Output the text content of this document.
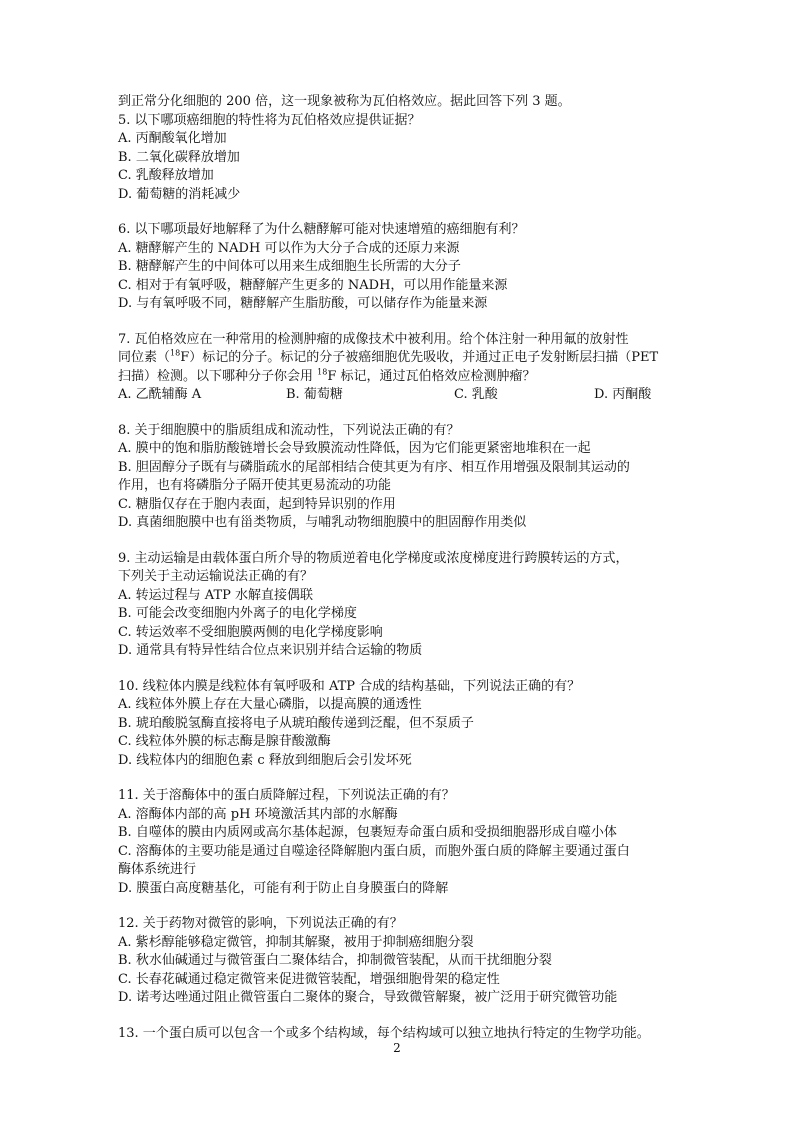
到正常分化细胞的 200 倍，这一现象被称为瓦伯格效应。据此回答下列 3 题。

5. 以下哪项癌细胞的特性将为瓦伯格效应提供证据？

A. 丙酮酸氧化增加

B. 二氧化碳释放增加

C. 乳酸释放增加

D. 葡萄糖的消耗减少

6. 以下哪项最好地解释了为什么糖酵解可能对快速增殖的癌细胞有利？

A. 糖酵解产生的 NADH 可以作为大分子合成的还原力来源

B. 糖酵解产生的中间体可以用来生成细胞生长所需的大分子

C. 相对于有氧呼吸，糖酵解产生更多的 NADH，可以用作能量来源

D. 与有氧呼吸不同，糖酵解产生脂肪酸，可以储存作为能量来源

7. 瓦伯格效应在一种常用的检测肿瘤的成像技术中被利用。给个体注射一种用氟的放射性

同位素（$^{18}$F）标记的分子。标记的分子被癌细胞优先吸收，并通过正电子发射断层扫描（PET

扫描）检测。以下哪种分子你会用 $^{18}$F 标记，通过瓦伯格效应检测肿瘤？

A. 乙酰辅酶 A	B. 葡萄糖	C. 乳酸	D. 丙酮酸

8. 关于细胞膜中的脂质组成和流动性，下列说法正确的有？

A. 膜中的饱和脂肪酸链增长会导致膜流动性降低，因为它们能更紧密地堆积在一起

B. 胆固醇分子既有与磷脂疏水的尾部相结合使其更为有序、相互作用增强及限制其运动的

作用，也有将磷脂分子隔开使其更易流动的功能

C. 糖脂仅存在于胞内表面，起到特异识别的作用

D. 真菌细胞膜中也有甾类物质，与哺乳动物细胞膜中的胆固醇作用类似

9. 主动运输是由载体蛋白所介导的物质逆着电化学梯度或浓度梯度进行跨膜转运的方式，

下列关于主动运输说法正确的有？

A. 转运过程与 ATP 水解直接偶联

B. 可能会改变细胞内外离子的电化学梯度

C. 转运效率不受细胞膜两侧的电化学梯度影响

D. 通常具有特异性结合位点来识别并结合运输的物质

10. 线粒体内膜是线粒体有氧呼吸和 ATP 合成的结构基础，下列说法正确的有？

A. 线粒体外膜上存在大量心磷脂，以提高膜的通透性

B. 琥珀酸脱氢酶直接将电子从琥珀酸传递到泛醌，但不泵质子

C. 线粒体外膜的标志酶是腺苷酸激酶

D. 线粒体内的细胞色素 c 释放到细胞后会引发坏死

11. 关于溶酶体中的蛋白质降解过程，下列说法正确的有？

A. 溶酶体内部的高 pH 环境激活其内部的水解酶

B. 自噬体的膜由内质网或高尔基体起源，包裹短寿命蛋白质和受损细胞器形成自噬小体

C. 溶酶体的主要功能是通过自噬途径降解胞内蛋白质，而胞外蛋白质的降解主要通过蛋白

酶体系统进行

D. 膜蛋白高度糖基化，可能有利于防止自身膜蛋白的降解

12. 关于药物对微管的影响，下列说法正确的有？

A. 紫杉醇能够稳定微管，抑制其解聚，被用于抑制癌细胞分裂

B. 秋水仙碱通过与微管蛋白二聚体结合，抑制微管装配，从而干扰细胞分裂

C. 长春花碱通过稳定微管来促进微管装配，增强细胞骨架的稳定性

D. 诺考达唑通过阻止微管蛋白二聚体的聚合，导致微管解聚，被广泛用于研究微管功能

13. 一个蛋白质可以包含一个或多个结构域，每个结构域可以独立地执行特定的生物学功能。

2
